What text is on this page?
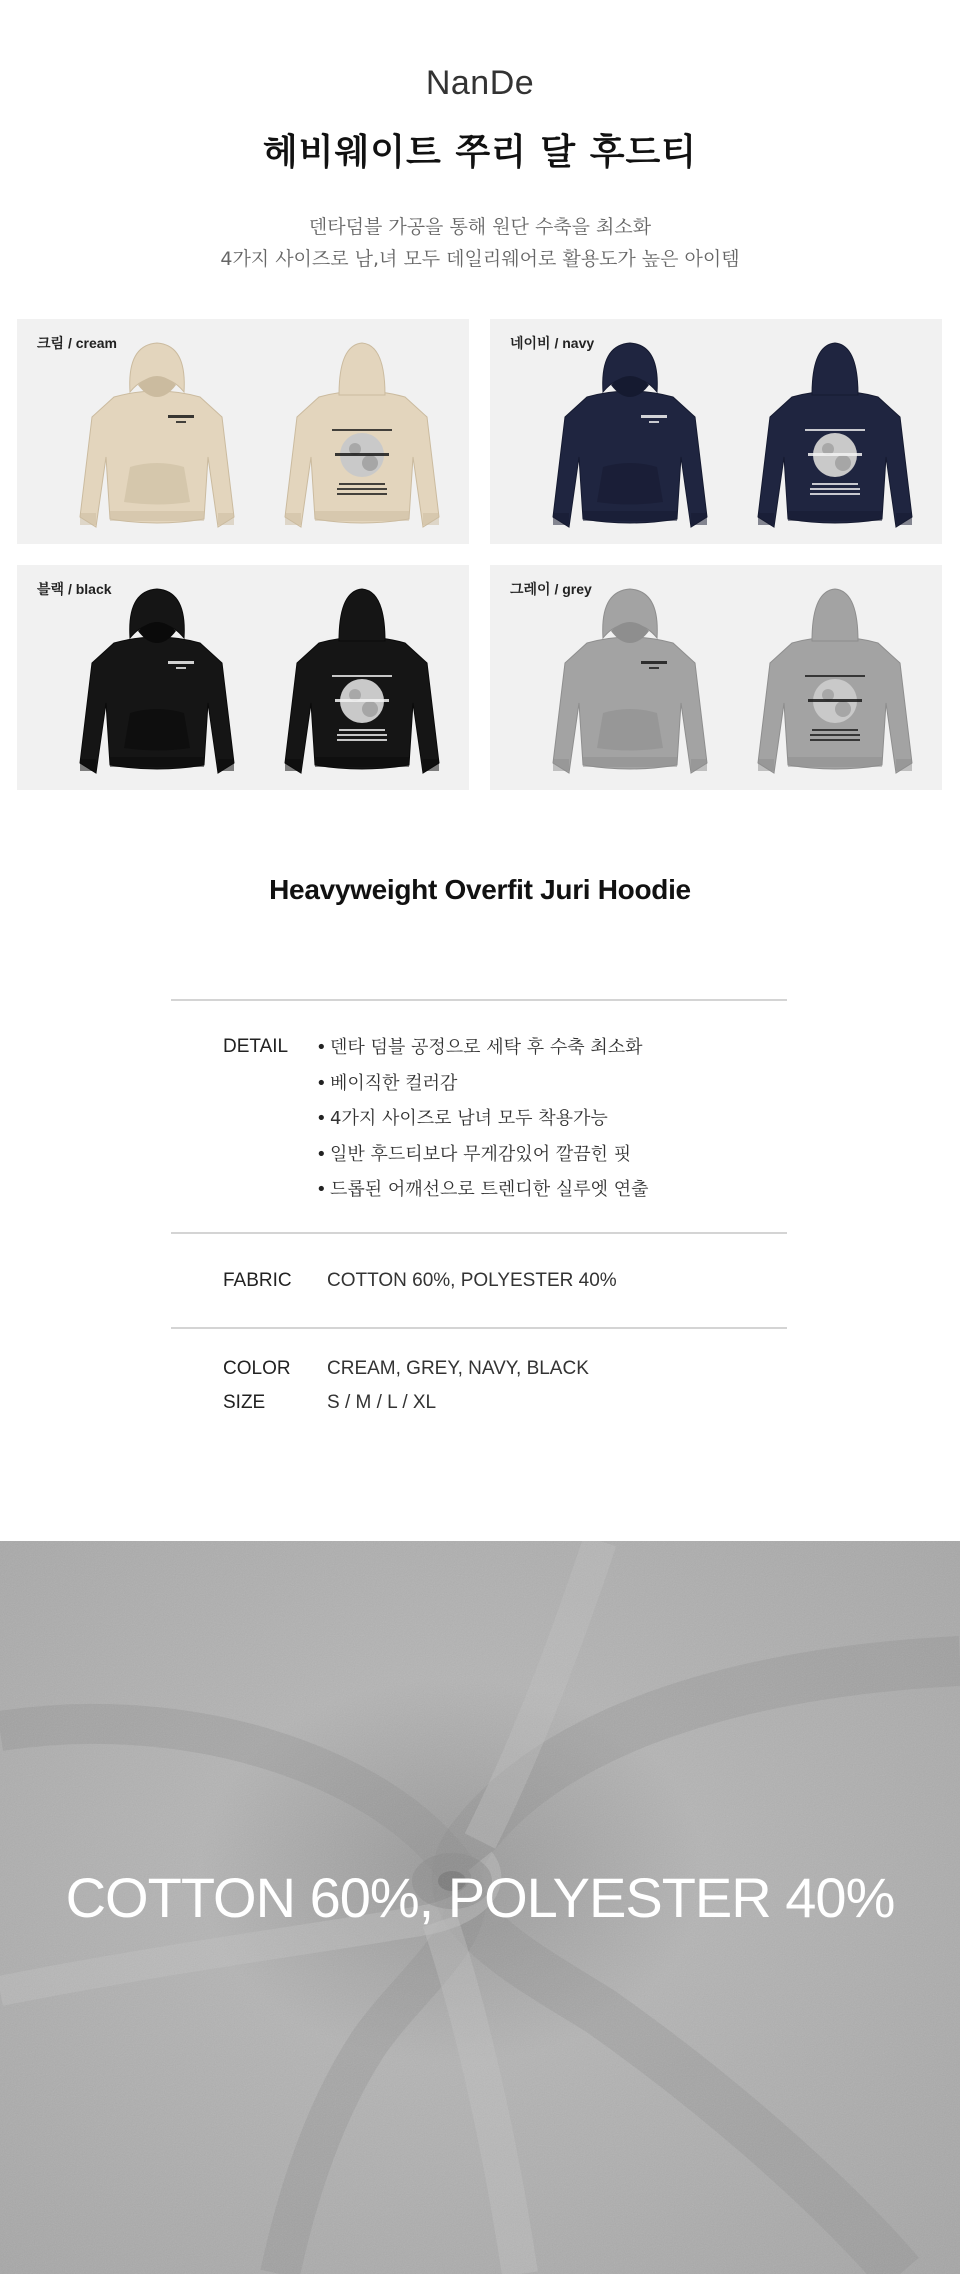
NanDe
헤비웨이트 쭈리 달 후드티
덴타덤블 가공을 통해 원단 수축을 최소화
4가지 사이즈로 남,녀 모두 데일리웨어로 활용도가 높은 아이템
크림 / cream	네이비 / navy
블랙 / black	그레이 / grey
Heavyweight Overfit Juri Hoodie
DETAIL	• 덴타 덤블 공정으로 세탁 후 수축 최소화
• 베이직한 컬러감
• 4가지 사이즈로 남녀 모두 착용가능
• 일반 후드티보다 무게감있어 깔끔힌 핏
• 드롭된 어깨선으로 트렌디한 실루엣 연출
FABRIC COTTON 60%, POLYESTER 40%
COLOR CREAM, GREY, NAVY, BLACK
SIZE	S / M / L / XL
COTTON 60%, POLYESTER 40%
